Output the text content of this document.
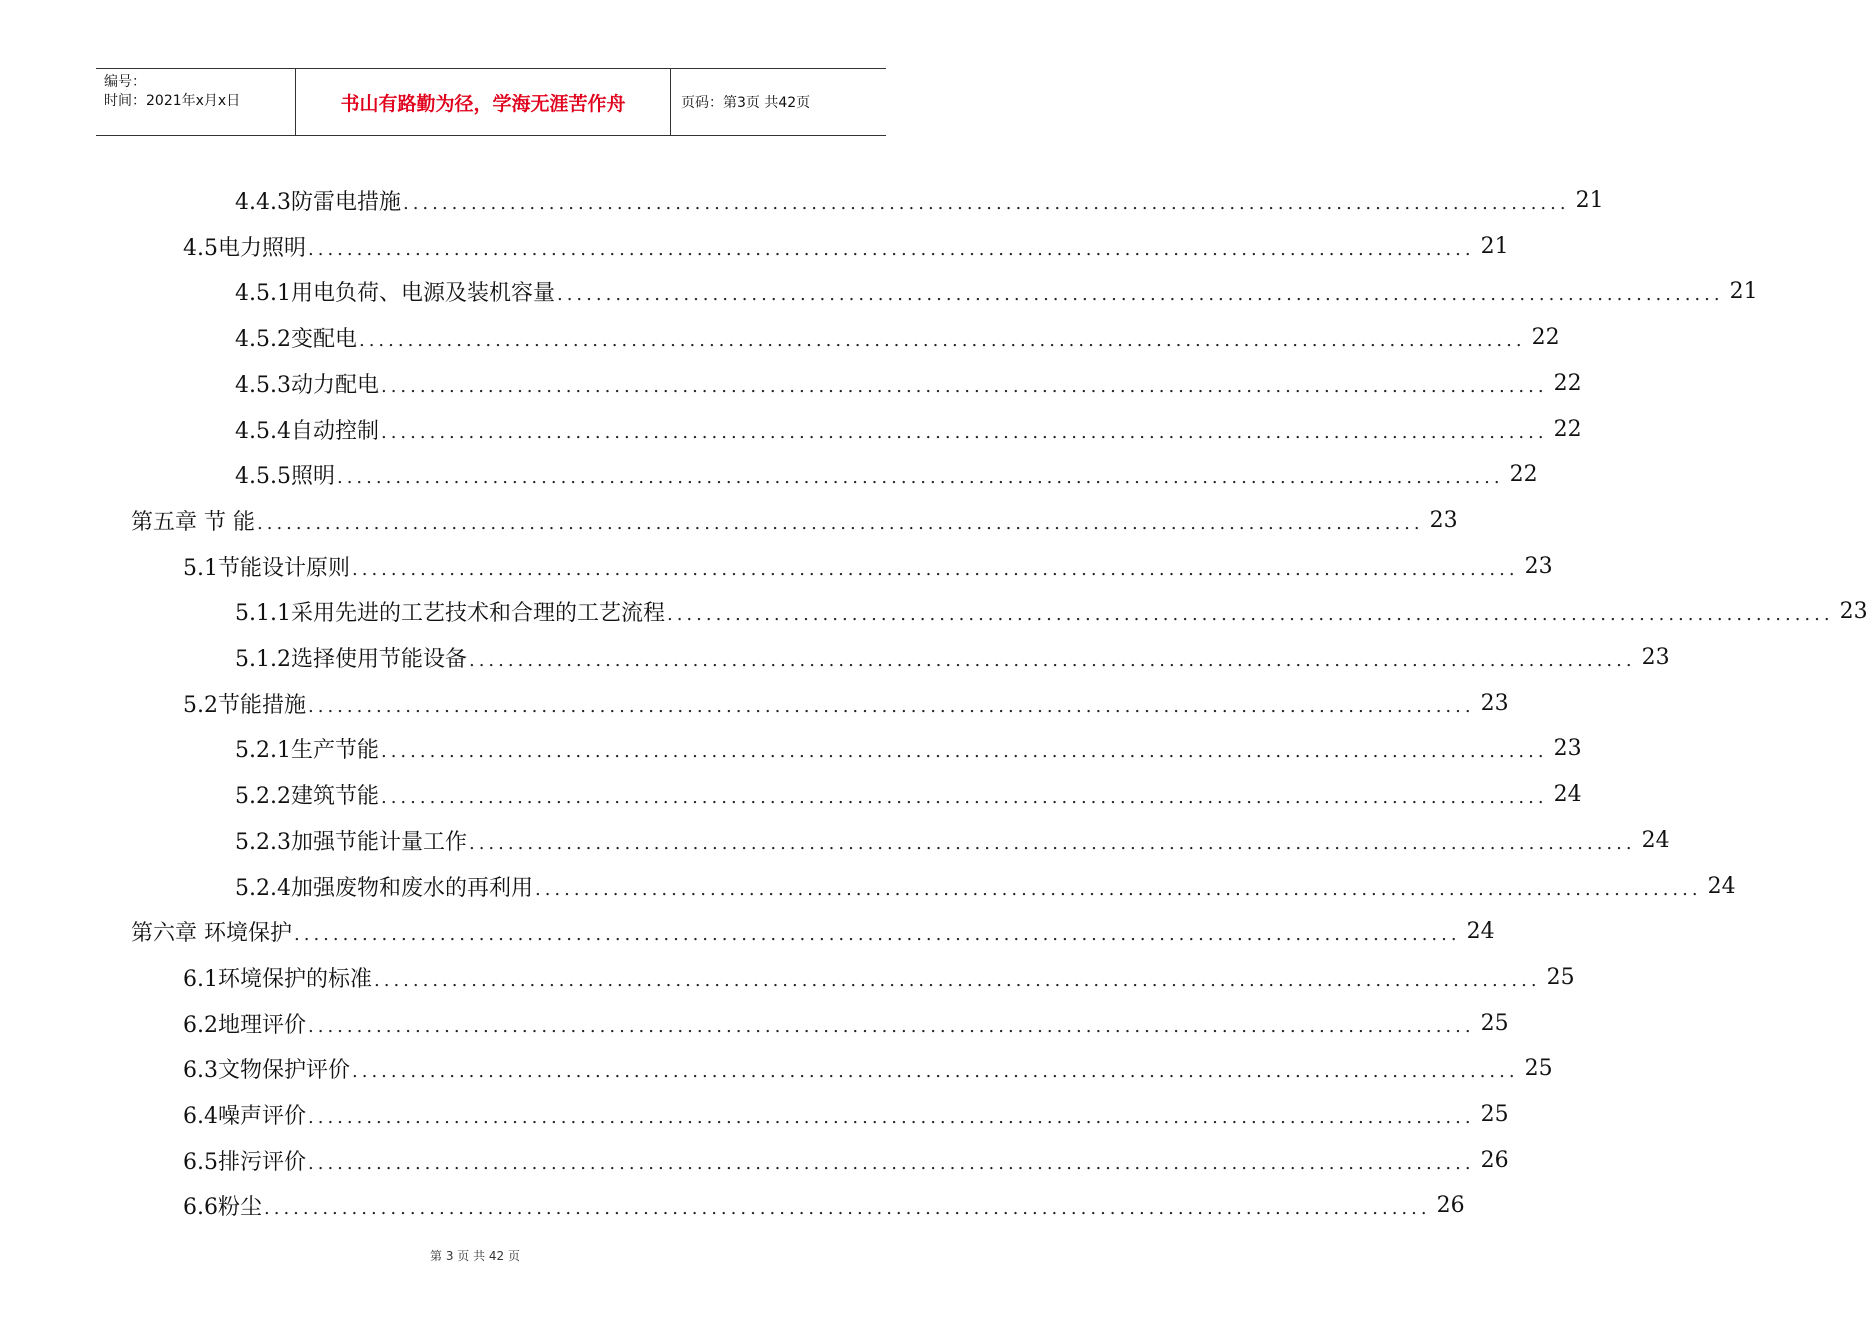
编号：
时间：2021年x月x日	书山有路勤为径，学海无涯苦作舟	页码：第3页 共42页
4.4.3防雷电措施 ........................................................................................................................ 21
4.5电力照明 ........................................................................................................................ 21
4.5.1用电负荷、电源及装机容量 ........................................................................................................................ 21
4.5.2变配电 ........................................................................................................................ 22
4.5.3动力配电 ........................................................................................................................ 22
4.5.4自动控制 ........................................................................................................................ 22
4.5.5照明 ........................................................................................................................ 22
第五章 节 能 ........................................................................................................................ 23
5.1节能设计原则 ........................................................................................................................ 23
5.1.1采用先进的工艺技术和合理的工艺流程 ........................................................................................................................ 23
5.1.2选择使用节能设备 ........................................................................................................................ 23
5.2节能措施 ........................................................................................................................ 23
5.2.1生产节能 ........................................................................................................................ 23
5.2.2建筑节能 ........................................................................................................................ 24
5.2.3加强节能计量工作 ........................................................................................................................ 24
5.2.4加强废物和废水的再利用 ........................................................................................................................ 24
第六章 环境保护 ........................................................................................................................ 24
6.1环境保护的标准 ........................................................................................................................ 25
6.2地理评价 ........................................................................................................................ 25
6.3文物保护评价 ........................................................................................................................ 25
6.4噪声评价 ........................................................................................................................ 25
6.5排污评价 ........................................................................................................................ 26
6.6粉尘 ........................................................................................................................ 26
第 3 页 共 42 页
